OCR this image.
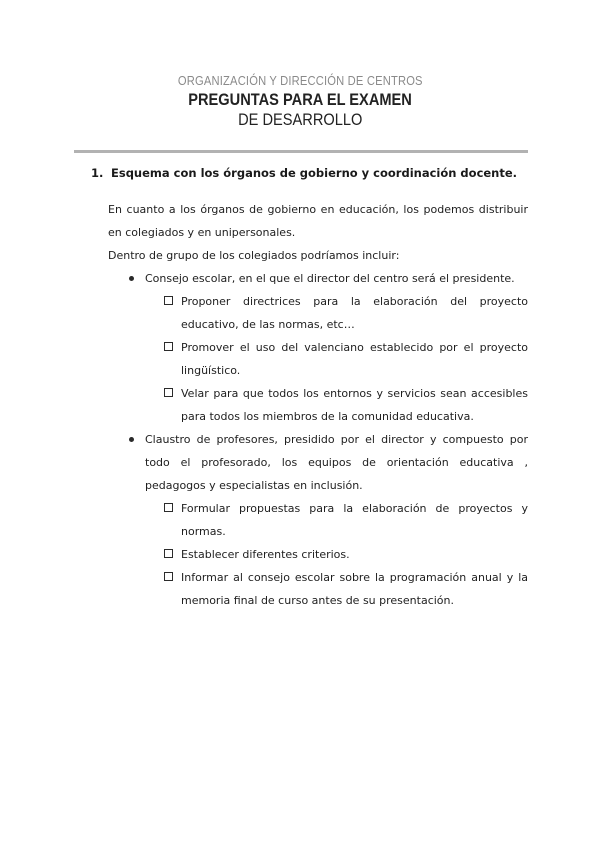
ORGANIZACIÓN Y DIRECCIÓN DE CENTROS
PREGUNTAS PARA EL EXAMEN
DE DESARROLLO
1. Esquema con los órganos de gobierno y coordinación docente.

En cuanto a los órganos de gobierno en educación, los podemos distribuir en colegiados y en unipersonales.

Dentro de grupo de los colegiados podríamos incluir:

Consejo escolar, en el que el director del centro será el presidente.

Proponer directrices para la elaboración del proyecto educativo, de las normas, etc…

Promover el uso del valenciano establecido por el proyecto lingüístico.

Velar para que todos los entornos y servicios sean accesibles para todos los miembros de la comunidad educativa.

Claustro de profesores, presidido por el director y compuesto por todo el profesorado, los equipos de orientación educativa , pedagogos y especialistas en inclusión.

Formular propuestas para la elaboración de proyectos y normas.

Establecer diferentes criterios.

Informar al consejo escolar sobre la programación anual y la memoria final de curso antes de su presentación.
